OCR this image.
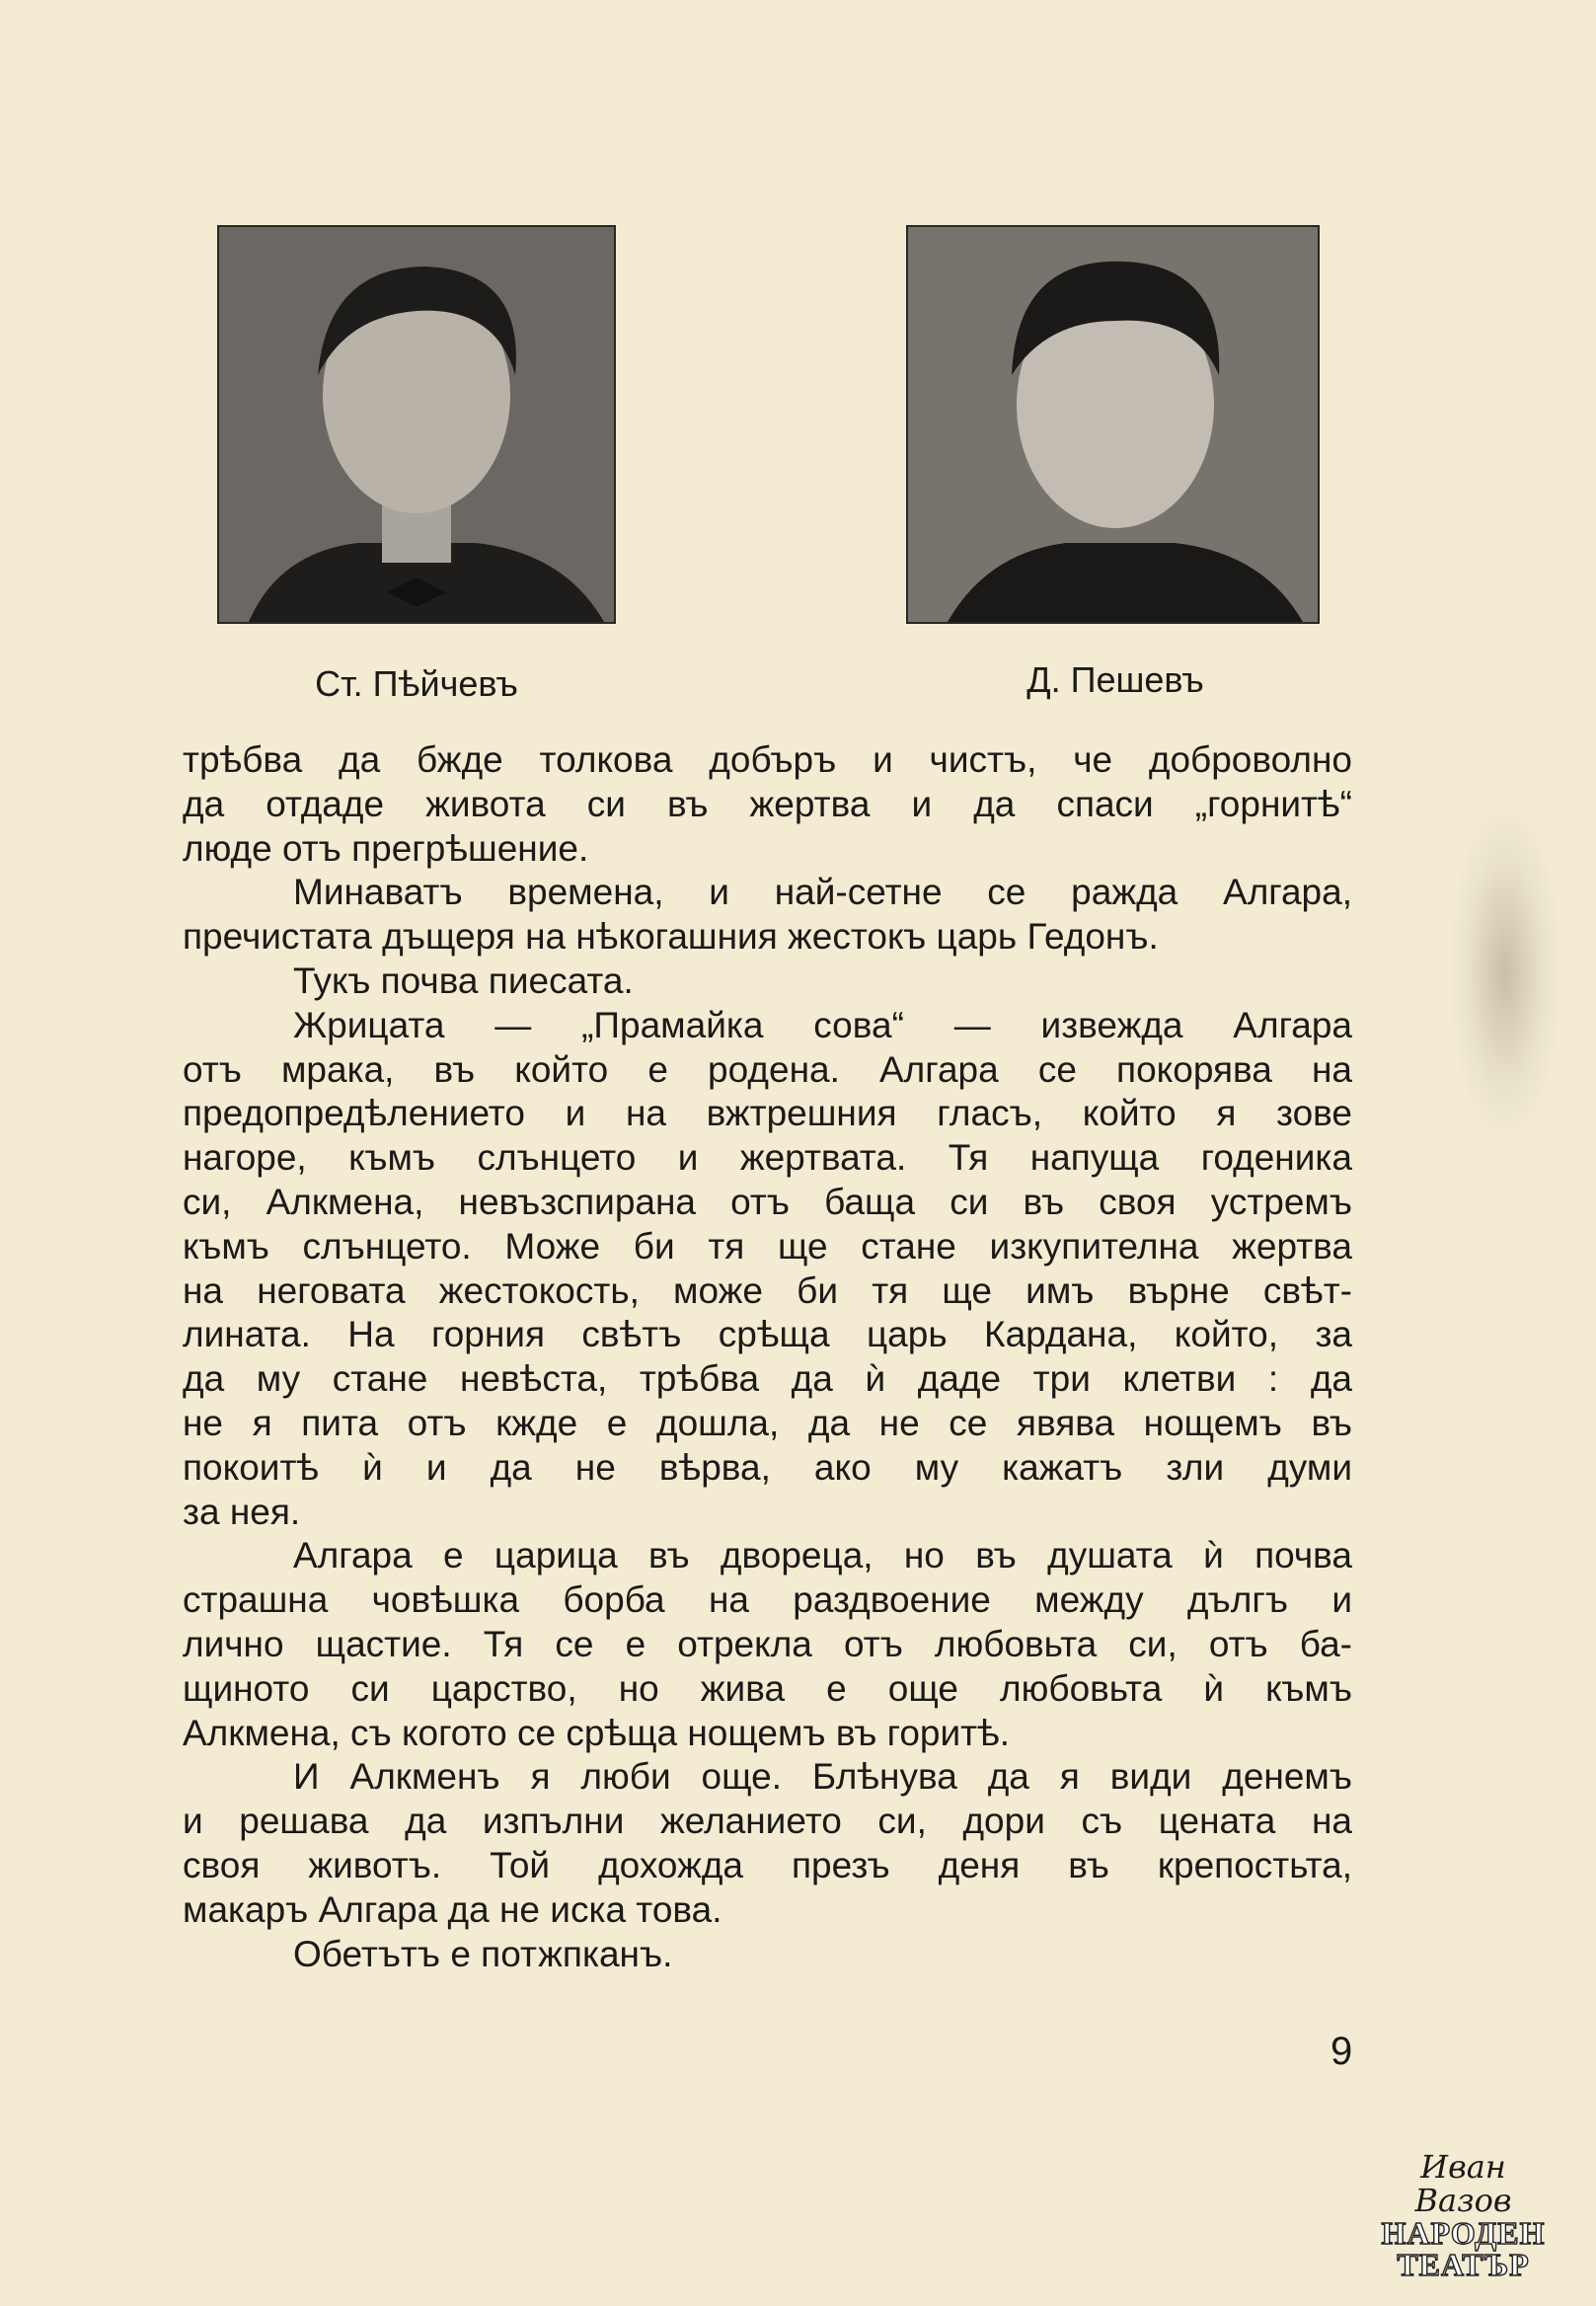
Ст. Пѣйчевъ	Д. Пешевъ
трѣбва да бжде толкова добъръ и чистъ, че доброволно
да отдаде живота си въ жертва и да спаси „горнитѣ“
люде отъ прегрѣшение.
Минаватъ времена, и най-сетне се ражда Алгара,
пречистата дъщеря на нѣкогашния жестокъ царь Гедонъ.
Тукъ почва пиесата.
Жрицата — „Прамайка сова“ — извежда Алгара
отъ мрака, въ който е родена. Алгара се покорява на
предопредѣлението и на вжтрешния гласъ, който я зове
нагоре, къмъ слънцето и жертвата. Тя напуща годеника
си, Алкмена, невъзспирана отъ баща си въ своя устремъ
къмъ слънцето. Може би тя ще стане изкупителна жертва
на неговата жестокость, може би тя ще имъ върне свѣт-
лината. На горния свѣтъ срѣща царь Кардана, който, за
да му стане невѣста, трѣбва да ѝ даде три клетви : да
не я пита отъ кжде е дошла, да не се явява нощемъ въ
покоитѣ ѝ и да не вѣрва, ако му кажатъ зли думи
за нея.
Алгара е царица въ двореца, но въ душата ѝ почва
страшна човѣшка борба на раздвоение между дългъ и
лично щастие. Тя се е отрекла отъ любовьта си, отъ ба-
щиното си царство, но жива е още любовьта ѝ къмъ
Алкмена, съ когото се срѣща нощемъ въ горитѣ.
И Алкменъ я люби още. Блѣнува да я види денемъ
и решава да изпълни желанието си, дори съ цената на
своя животъ. Той дохожда презъ деня въ крепостьта,
макаръ Алгара да не иска това.
Обетътъ е потжпканъ.
9
Иван Вазов
НАРОДЕН
ТЕАТЪР
